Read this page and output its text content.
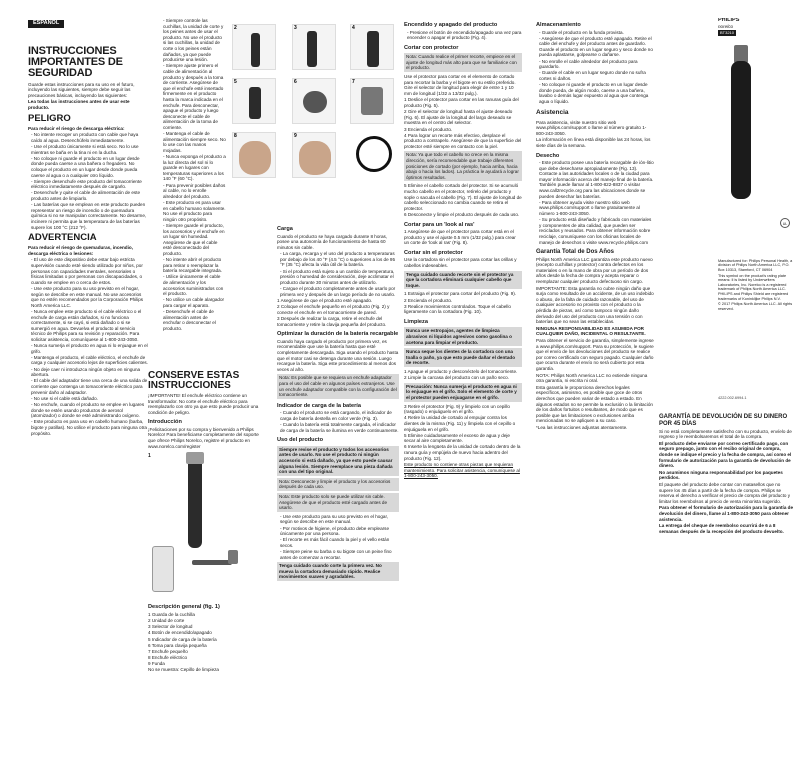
ESPAÑOL
INSTRUCCIONES IMPORTANTES DE SEGURIDAD

Guarde estas instrucciones para su uso en el futuro, incluyendo las siguientes, siempre debe seguir las precauciones básicas, incluyendo las siguientes:

Lea todas las instrucciones antes de usar este producto.

PELIGRO

Para reducir el riesgo de descarga eléctrica:

- No intente recoger un producto con cable que haya caído al agua. Desenchúfelo inmediatamente.
- Use el producto únicamente si está seco. No lo use mientras se baña en la tina ni en la ducha.
- No coloque ni guarde el producto en un lugar desde donde pueda caerse a una bañera o fregadero. No coloque el producto en un lugar desde donde pueda caerse al agua o a cualquier otro líquido.
- Siempre desenchufe este producto del tomacorriente eléctrico inmediatamente después de cargarlo.
- Desenchufe y quite el cable de alimentación de este producto antes de limpiarlo.
- Las baterías que se emplean en este producto pueden representar un riesgo de incendio o de quemadura química si no se manipulan correctamente. No desarme, incinere ni permita que la temperatura de las baterías supere los 100 °C (212 °F).
ADVERTENCIA

Para reducir el riesgo de quemaduras, incendio, descarga eléctrica o lesiones:

- El uso de este dispositivo debe estar bajo estricta supervisión cuando esté siendo utilizado por niños, por personas con capacidades mentales, sensoriales o físicas limitadas o por personas con discapacidades, o cuando se emplee en o cerca de estos.
- Use este producto para su uso previsto en el hogar, según se describe en este manual. No use accesorios que no estén recomendados por la Corporación Philips North America LLC.
- Nunca emplee este producto si el cable eléctrico o el enchufe de carga están dañados, si no funciona correctamente, si se cayó, si está dañado o si se sumergió en agua. Devuelva el producto al servicio técnico de Philips para su revisión y reparación. Para solicitar asistencia, comuníquese al 1-800-243-3050.
- Nunca sumerja el producto en agua ni lo enjuague en el grifo.
- Mantenga el producto, el cable eléctrico, el enchufe de carga y cualquier accesorio lejos de superficies calientes.
- No deje caer ni introduzca ningún objeto en ninguna abertura.
- El cable del adaptador tiene una cerca de una salida de corriente que contenga un tomacorriente eléctrico para prevenir daño al adaptador.
- No use si el cable está dañado.
- No enchufe, cuando el producto se emplee en lugares donde se estén usando productos de aerosol (atomizador) o donde se esté administrando oxígeno.
- Este producto es para uso en cabello humano (barba, bigote y patillas). No utilice el producto para ninguna otra propósito.
- Siempre controle las cuchillas, la unidad de corte y los peines antes de usar el producto. No use el producto si las cuchillas, la unidad de corte o los peines están dañados, ya que puede producirse una lesión.
- Siempre ajuste primero el cable de alimentación al producto y después a la toma de corriente. Asegúrese de que el enchufe esté insertado firmemente en el producto hasta la marca indicada en el enchufe. Para desconectar, apague el producto y luego desconecte el cable de alimentación de la toma de corriente.
- Mantenga el cable de alimentación siempre seco. No lo use con las manos mojadas.
- Nunca exponga el producto a la luz directa del sol ni lo guarde en lugares con temperaturas superiores a los 140 °F (60 °C).
- Para prevenir posibles daños al cable, no lo enrolle alrededor del producto.
- Este producto es para usar en cabello humano solamente. No use el producto para ningún otro propósito.
- Siempre guarde el producto, los accesorios y el enchufe en un lugar sin humedad. Asegúrese de que el cable esté desconectado del producto.
- No intente abrir el producto para retirar o reemplazar la batería recargable integrada.
- Utilice únicamente el cable de alimentación y los accesorios suministrados con el producto.
- No utilice un cable alargador para cargar el aparato.
- Desenchufe el cable de alimentación antes de enchufar o desconectar el producto.
CONSERVE ESTAS INSTRUCCIONES

¡IMPORTANTE! El enchufe eléctrico contiene un transformador. No corte el enchufe eléctrico para reemplazarlo con otro ya que esto puede producir una condición de peligro.

Introducción

¡Felicitaciones por su compra y bienvenido a Philips Norelco! Para beneficiarse completamente del soporte que ofrece Philips Norelco, registre el producto en www.norelco.com/register

1
Descripción general (fig. 1)
1 Guarda de la cuchilla
2 Unidad de corte
3 Selector de longitud
4 Botón de encendido/apagado
5 Indicador de carga de la batería
6 Toma para clavija pequeña
7 Enchufe pequeño
8 Enchufe eléctrico
9 Funda
No se muestra: Cepillo de limpieza
2	3	4
5	6	7
8	9
Carga

Cuando el producto se haya cargado durante 8 horas, posee una autonomía de funcionamiento de hasta 60 minutos sin cable.

- La carga, recarga y el uso del producto a temperaturas por debajo de los 40 °F (4.5 °C) o superiores a los de 95 °F (35 °C) afecta la vida útil de la batería.
- Si el producto está sujeto a un cambio de temperatura, presión o humedad de consideración, deje acclimatar el producto durante 30 minutos antes de utilizarlo.
- Cargue el producto completamente antes de usarlo por primera vez y después de un largo período de no usarlo.
1 Asegúrese de que el producto esté apagado.
2 Coloque el enchufe pequeño en el producto (Fig. 2) y conecte el enchufe en el tomacorriente de pared.
3 Después de realizar la carga, retire el enchufe del tomacorriente y retire la clavija pequeña del producto.
Optimizar la duración de la batería recargable

Cuando haya cargado el producto por primera vez, es recomendable que use la batería hasta que esté completamente descargada. Siga usando el producto hasta que el motor casi se detenga durante una sesión. Luego recargue la batería. Siga este procedimiento al menos dos veces al año.

Nota: Es posible que se requiera un enchufe adaptador para el uso del cable en algunos países extranjeros. Use un enchufe adaptador compatible con la configuración del tomacorriente.
Indicador de carga de la batería
- Cuando el producto se está cargando, el indicador de carga de batería destella en color verde (Fig. 3).
- Cuando la batería está totalmente cargada, el indicador de carga de la batería se ilumina en verde continuamente.
Uso del producto
Siempre revise el producto y todos los accesorios antes de usarlo. No use el producto ni ningún accesorio si está dañado, ya que esto puede causar alguna lesión. Siempre reemplace una pieza dañada con una del tipo original.
Nota: Desconecte y limpie el producto y los accesorios después de cada uso.
Nota: Este producto solo se puede utilizar sin cable. Asegúrese de que el producto esté cargado antes de usarlo.
- Use este producto para su uso previsto en el hogar, según se describe en este manual.
- Por motivos de higiene, el producto debe emplearse únicamente por una persona.
- El recorte es más fácil cuando la piel y el vello están secos.
- Siempre peine su barba o su bigote con un peine fino antes de comenzar a recortar.
Tenga cuidado cuando corte la primera vez. No mueva la cortadora demasiado rápido. Realice movimientos suaves y agradables.
Encendido y apagado del producto
- Presione el botón de encendido/apagado una vez para encender o apagar el producto (Fig. 4).
Cortar con protector
Nota: Cuando realice el primer recorte, empiece en el ajuste de longitud más alto para que se familiarice con el producto.

Use el protector para cortar en el elemento de cortado para recortar la barba y el bigote en su estilo preferido. Gire el selector de longitud para elegir de entre 1 y 10 mm de longitud (1/32 a 13/32 pulg.).

1 Deslice el protector para cortar en las ranuras guía del producto (Fig. 5).
2 Gire el selector de longitud hasta el ajuste deseado (Fig. 6). El ajuste de la longitud del largo deseado se muestra en el centro del selector.
3 Encienda el producto.
4 Para lograr un recorte más efectivo, desplace el producto a contrapelo. Asegúrese de que la superficie del protector esté siempre en contacto con la piel.
Nota: Ya que todo el cabello no crece en la misma dirección, sería recomendable que trabaje diferentes posiciones de cortado (por ejemplo, hacia arriba, hacia abajo o hacia los lados). La práctica le ayudará a lograr óptimos resultados.
5 Elimine el cabello cortado del protector. Si se acumuló mucho cabello en el protector, retírelo del producto y sople o sacuda el cabello (Fig. 7). El ajuste de longitud de cabello seleccionado no cambia cuando se retira el protector.
6 Desconecte y limpie el producto después de cada uso.
Cortar para un 'look al ras'
1 Asegúrese de que el protector para cortar está en el producto y use el ajuste 0.5 mm (1/32 pulg.) para crear un corte de 'look al ras' (Fig. 8).
Cortar sin el protector

Use la cortadora sin el protector para cortar las orillas y cabellos indeseables.

Tenga cuidado cuando recorte sin el protector ya que la cortadora eliminará cualquier cabello que toque.
1 Extraiga el protector para cortar del producto (Fig. 9).
2 Encienda el producto.
3 Realice movimientos controlados. Toque el cabello ligeramente con la cortadora (Fig. 10).
Limpieza
Nunca use estropajos, agentes de limpieza abrasivos ni líquidos agresivos como gasolina o acetona para limpiar el producto.
Nunca seque los dientes de la cortadora con una toalla o paño, ya que esto puede dañar el dentado de recorte.
1 Apague el producto y desconéctelo del tomacorriente.
2 Limpie la carcasa del producto con un paño seco.
Precaución: Nunca sumerja el producto en agua ni lo enjuague en el grifo. Solo el elemento de corte y el protector pueden enjuagarse en el grifo.
3 Retire el protector (Fig. 9) y limpielo con un cepillo (rasgado) o enjuáguelo en el grifo.
4 Retire la unidad de cortado al empujar contra los dientes de la misma (Fig. 11) y límpiela con el cepillo o enjuáguela en el grifo.
5 Elimine cuidadosamente el exceso de agua y deje secar al aire completamente.
6 Inserte la lengüeta de la unidad de cortado dentro de la ranura guía y empújela de nuevo hacia adentro del producto (Fig. 12).

Este producto no contiene otras piezas que requieran mantenimiento. Para solicitar asistencia, comuníquese al 1-800-243-3050.

Almacenamiento
- Guarde el producto en la funda provista.
- Asegúrese de que el producto esté apagado. Retire el cable del enchufe y del producto antes de guardarlo. Guarde el producto en un lugar seguro y seco donde no pueda aplastarse, golpearse o dañarse.
- No enrolle el cable alrededor del producto para guardarlo.
- Guarde el cable en un lugar seguro donde no sufra cortes ni daños.
- No coloque ni guarde el producto en un lugar desde donde pueda, de algún modo, caerse a una bañera, lavabo o demás lugar expuesto al agua que contenga agua o líquido.
Asistencia

Para asistencia, visite nuestro sitio web www.philips.com/support o llame al número gratuito 1-800-243-3050.

La información en línea está disponible las 24 horas, los siete días de la semana.

Desecho
- Este producto posee una batería recargable de ión-litio que debe desecharse apropiadamente (Fig. 13). Contacte a las autoridades locales o de la ciudad para mayor información acerca del manejo final de la batería. También puede llamar al 1-800-822-8837 o visitar www.call2recycle.org para las ubicaciones donde se pueden desechar las baterías.
- Para obtener ayuda visite nuestro sitio web www.philips.com/support o llame gratuitamente al número 1-800-243-3050.
- Su producto está diseñado y fabricado con materiales y componentes de alta calidad, que pueden ser reciclados y reusados. Para obtener información sobre reciclaje, comuníquese con los oficinas locales de manejo de desechos o visite www.recycle.philips.com
Garantía Total de Dos Años

Philips North America LLC garantiza este producto nuevo (excepto cuchillas y protector) contra defectos en los materiales o en la mano de obra por un período de dos años desde la fecha de compra y acepta reparar o reemplazar cualquier producto defectuoso sin cargo.

IMPORTANTE: Esta garantía no cubre ningún daño que surja como resultado de un accidente, de un uso indebido o abuso, de la falta de cuidado razonable, del uso de cualquier accesorio no provisto con el producto o la pérdida de piezas, así como tampoco ningún daño derivado del uso del producto con una tensión o con baterías que no sean las establecidas.

NINGUNA RESPONSABILIDAD ES ASUMIDA POR CUALQUIER DAÑO, INCIDENTAL O RESULTANTE.

Para obtener el servicio de garantía, simplemente ingrese a www.philips.com/support. Para su protección, le sugiere que el envío de los devoluciones del producto se realice por correo certificado con seguro pagado. Cualquier daño que ocurra durante el envío no será cubierto por esta garantía.

NOTA: Philips North America LLC no extiende ninguna otra garantía, ni escrita ni oral.

Esta garantía le proporciona derechos legales específicos, asimismo, es posible que goce de otros derechos que pueden variar de estado a estado. En algunos estados no se permite la exclusión o la limitación de los daños fortuitos o resultantes, de modo que es posible que las limitaciones o exclusiones arriba mencionadas no se apliquen a su caso.

*Lea las instrucciones adjuntas atentamente.

PHILIPS
norelco
BT3210
UL

Manufactured for: Philips Personal Health, a division of Philips North America LLC, P.O. Box 10313, Stamford, CT 06904

This symbol on the product's rating plate means: Il is listed by Underwriters Laboratories, Inc. Norelco is a registered trademark of Philips North America LLC. PHILIPS and Philips Shield are registered trademarks of Koninklijke Philips N.V.

© 2017 Philips North America LLC. All rights reserved.

4222.002.6994.1
GARANTÍA DE DEVOLUCIÓN DE SU DINERO POR 45 DÍAS

Si no está completamente satisfecho con su producto, envíelo de regreso y le reembolsaremos el total de la compra.

El producto debe enviarse por correo certificado pago, con seguro prepago, junto con el recibo original de compra, donde se indique el precio y la fecha de compra, así como el formulario de autorización para la garantía de devolución de dinero.

No asumimos ninguna responsabilidad por los paquetes perdidos.

El paquete del producto debe contar con matasellos que no supere los 45 días a partir de la fecha de compra. Philips se reserva el derecho a verificar el precio de compra del producto y limitar los reembolsos al precio de venta minorista sugerido.

Para obtener el formulario de autorización para la garantía de devolución del dinero, llame al 1-800-243-3050 para obtener asistencia.

La entrega del cheque de reembolso ocurrirá de 6 a 8 semanas después de la recepción del producto devuelto.
